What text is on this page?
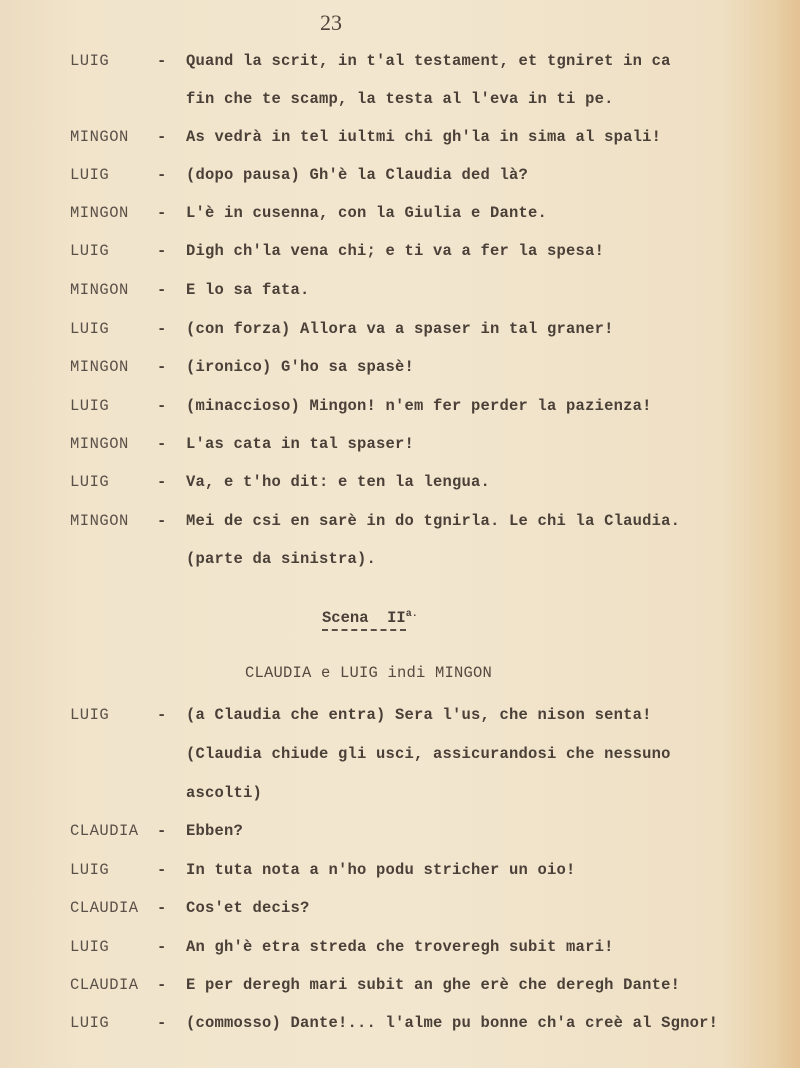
23
LUIG	- Quand la scrit, in t'al testament, et tgniret in ca
fin che te scamp, la testa al l'eva in ti pe.
MINGON - As vedrà in tel iultmi chi gh'la in sima al spali!
LUIG	- (dopo pausa) Gh'è la Claudia ded là?
MINGON - L'è in cusenna, con la Giulia e Dante.
LUIG	- Digh ch'la vena chi; e ti va a fer la spesa!
MINGON - E lo sa fata.
LUIG	- (con forza) Allora va a spaser in tal graner!
MINGON - (ironico) G'ho sa spasè!
LUIG	- (minaccioso) Mingon! n'em fer perder la pazienza!
MINGON - L'as cata in tal spaser!
LUIG	- Va, e t'ho dit: e ten la lengua.
MINGON - Mei de csi en sarè in do tgnirla. Le chi la Claudia.
(parte da sinistra).
Scena  $II^{a.}$
CLAUDIA e LUIG indi MINGON
LUIG	- (a Claudia che entra) Sera l'us, che nison senta!
(Claudia chiude gli usci, assicurandosi che nessuno
ascolti)
CLAUDIA - Ebben?
LUIG	- In tuta nota a n'ho podu stricher un oio!
CLAUDIA - Cos'et decis?
LUIG	- An gh'è etra streda che troveregh subit mari!
CLAUDIA - E per deregh mari subit an ghe erè che deregh Dante!
LUIG	- (commosso) Dante!... l'alme pu bonne ch'a creè al Sgnor!
